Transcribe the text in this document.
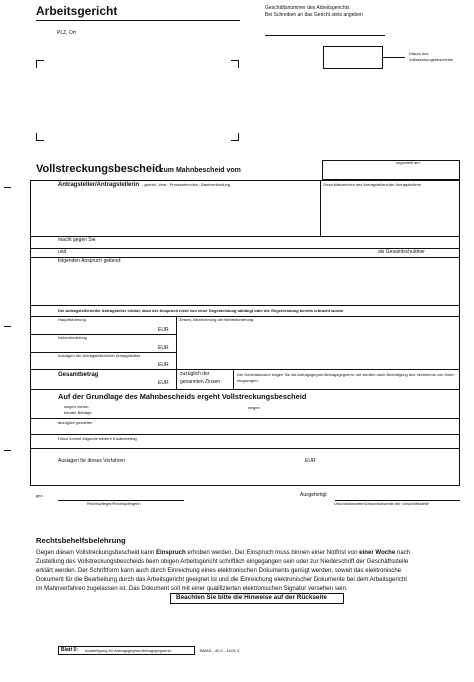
Arbeitsgericht
PLZ, Ort
Geschäftsnummer des Arbeitsgerichts
Bei Schreiben an das Gericht stets angeben
Datum des
Vollstreckungsbescheids
Vollstreckungsbescheid
zum Mahnbescheid vom
zugestellt am:
Antragsteller/Antragstellerin ; ges/tzl. Vertr.; Prozessbevollm.; Bankverbindung	Geschäftszeichen des Antragstellers/der Antragstellerin
macht gegen Sie
und	als Gesamtschuldner
folgenden Anspruch geltend:
Die Antragstellerin/der Antragsteller erklärt, dass der Anspruch nicht von einer Gegenleistung abhängt oder die Gegenleistung bereits erbracht wurde.
Hauptforderung
EUR
Zinsen, Bezeichnung der Nebenforderung
Nebenforderung
EUR
Auslagen der Antragstellerin/der Antragstellers
EUR
Gesamtbetrag
EUR
zuzüglich der
genannten Zinsen
Die Gerichtskosten tragen Sie als Antragsgegner/Antragsgegnerin; sie werden nach Beendigung des Verfahrens von Ihnen eingezogen.
Auf der Grundlage des Mahnbescheids ergeht Vollstreckungsbescheid
wegen vorste-
hender Beträge
wegen
abzüglich gezahlter
Hinzu kommt folgende weitere Kostenbetrag
Auslagen für dieses Verfahren	EUR
gez.
Rechtspfleger/Rechtspflegerin
Ausgefertigt
Urkundsbeamter/Urkundsbeamtin der Geschäftsstelle
Rechtsbehelfsbelehrung
Gegen diesen Vollstreckungsbescheid kann Einspruch erhoben werden. Der Einspruch muss binnen einer Notfrist von einer Woche nach
Zustellung des Vollstreckungsbescheids beim obigen Arbeitsgericht schriftlich eingegangen sein oder zur Niederschrift der Geschäftsstelle
erklärt werden. Der Schriftform kann auch durch Einreichung eines elektronischen Dokuments genügt werden, soweit das elektronische
Dokument für die Bearbeitung durch das Arbeitsgericht geeignet ist und die Einreichung elektronischer Dokumente bei dem Arbeitsgericht
im Mahnverfahren zugelassen ist. Das Dokument soll mit einer qualifizierten elektronischen Signatur versehen sein.
Beachten Sie bitte die Hinweise auf der Rückseite
Blatt 5: Ausfertigung für Antragsgegner/Antragsgegnerin	BMAS - 40.2 - 11/01 V
